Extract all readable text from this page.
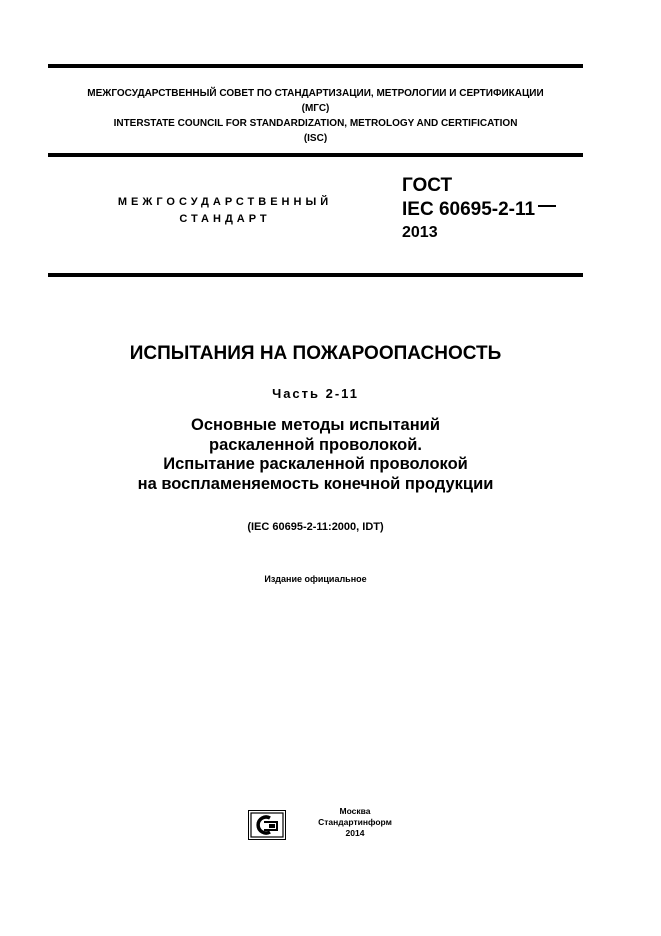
МЕЖГОСУДАРСТВЕННЫЙ СОВЕТ ПО СТАНДАРТИЗАЦИИ, МЕТРОЛОГИИ И СЕРТИФИКАЦИИ
(МГС)
INTERSTATE COUNCIL FOR STANDARDIZATION, METROLOGY AND CERTIFICATION
(ISC)
МЕЖГОСУДАРСТВЕННЫЙ
СТАНДАРТ
ГОСТ
IEC 60695-2-11
2013
ИСПЫТАНИЯ НА ПОЖАРООПАСНОСТЬ
Часть 2-11
Основные методы испытаний
раскаленной проволокой.
Испытание раскаленной проволокой
на воспламеняемость конечной продукции
(IEC 60695-2-11:2000, IDT)
Издание официальное
Москва
Стандартинформ
2014
